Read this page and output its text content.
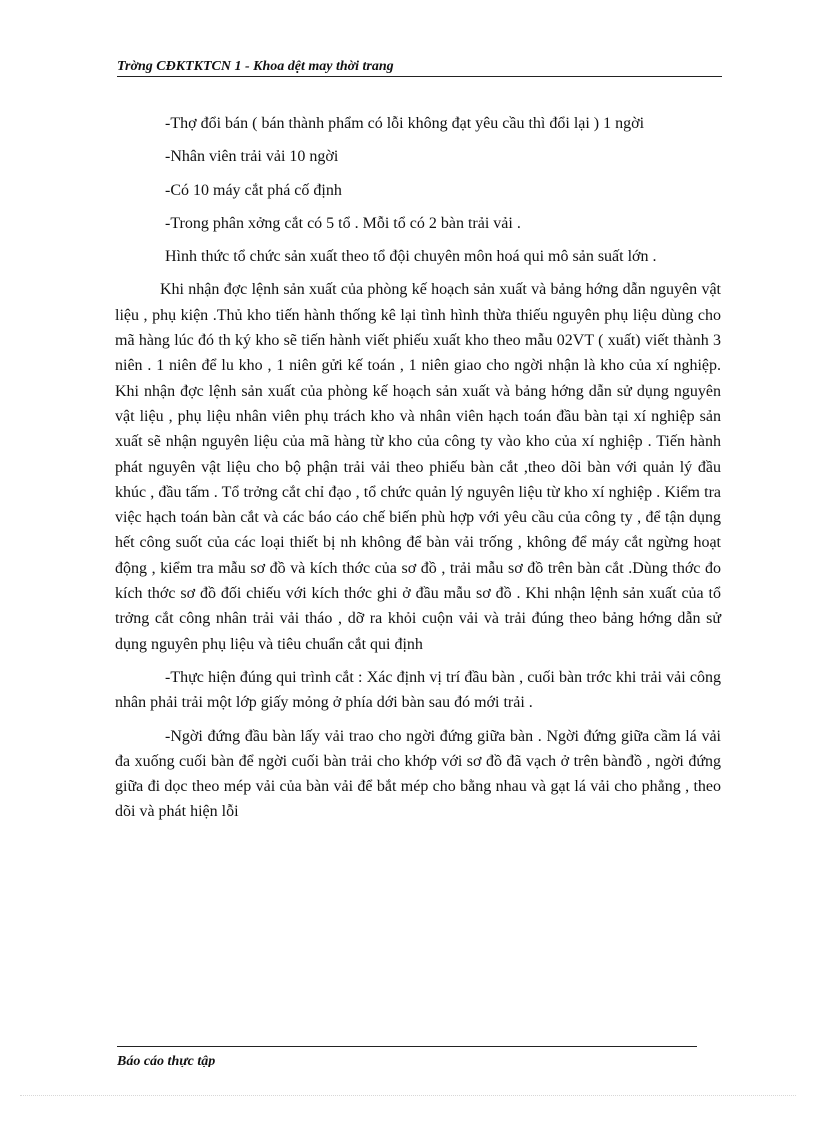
Trờng CĐKTKTCN 1 - Khoa dệt may thời trang

-Thợ đổi bán ( bán thành phẩm có lỗi không đạt yêu cầu thì đổi lại ) 1 ngời

-Nhân viên trải vải 10 ngời

-Có 10 máy cắt phá cố định

-Trong phân xởng cắt có 5 tổ . Mỗi tổ có 2 bàn trải vải .

Hình thức tổ chức sản xuất theo tổ đội chuyên môn hoá qui mô sản suất lớn .

Khi nhận đợc lệnh sản xuất của phòng kế hoạch sản xuất và bảng hớng dẫn nguyên vật liệu , phụ kiện .Thủ kho tiến hành thống kê lại tình hình thừa thiếu nguyên phụ liệu dùng cho mã hàng lúc đó th ký kho sẽ tiến hành viết phiếu xuất kho theo mẫu 02VT ( xuất) viết thành 3 niên . 1 niên để lu kho , 1 niên gửi kế toán , 1 niên giao cho ngời nhận là kho của xí nghiệp. Khi nhận đợc lệnh sản xuất của phòng kế hoạch sản xuất và bảng hớng dẫn sử dụng nguyên vật liệu , phụ liệu nhân viên phụ trách kho và nhân viên hạch toán đầu bàn tại xí nghiệp sản xuất sẽ nhận nguyên liệu của mã hàng từ kho của công ty vào kho của xí nghiệp . Tiến hành phát nguyên vật liệu cho bộ phận trải vải theo phiếu bàn cắt ,theo dõi bàn với quản lý đầu khúc , đầu tấm . Tổ trởng cắt chỉ đạo , tổ chức quản lý nguyên liệu từ kho xí nghiệp . Kiểm tra việc hạch toán bàn cắt và các báo cáo chế biến phù hợp với yêu cầu của công ty , để tận dụng hết công suốt của các loại thiết bị nh không để bàn vải trống , không để máy cắt ngừng hoạt động , kiểm tra mẫu sơ đồ và kích thớc của sơ đồ , trải mẫu sơ đồ trên bàn cắt .Dùng thớc đo kích thớc sơ đồ đối chiếu với kích thớc ghi ở đầu mẫu sơ đồ . Khi nhận lệnh sản xuất của tổ trởng cắt công nhân trải vải tháo , dỡ ra khỏi cuộn vải và trải đúng theo bảng hớng dẫn sử dụng nguyên phụ liệu và tiêu chuẩn cắt qui định

-Thực hiện đúng qui trình cắt : Xác định vị trí đầu bàn , cuối bàn trớc khi trải vải công nhân phải trải một lớp giấy mỏng ở phía dới bàn sau đó mới trải .

-Ngời đứng đầu bàn lấy vải trao cho ngời đứng giữa bàn . Ngời đứng giữa cầm lá vải đa xuống cuối bàn để ngời cuối bàn trải cho khớp với sơ đồ đã vạch ở trên bànđồ , ngời đứng giữa đi dọc theo mép vải của bàn vải để bắt mép cho bằng nhau và gạt lá vải cho phẳng , theo dõi và phát hiện lỗi

Báo cáo thực tập
